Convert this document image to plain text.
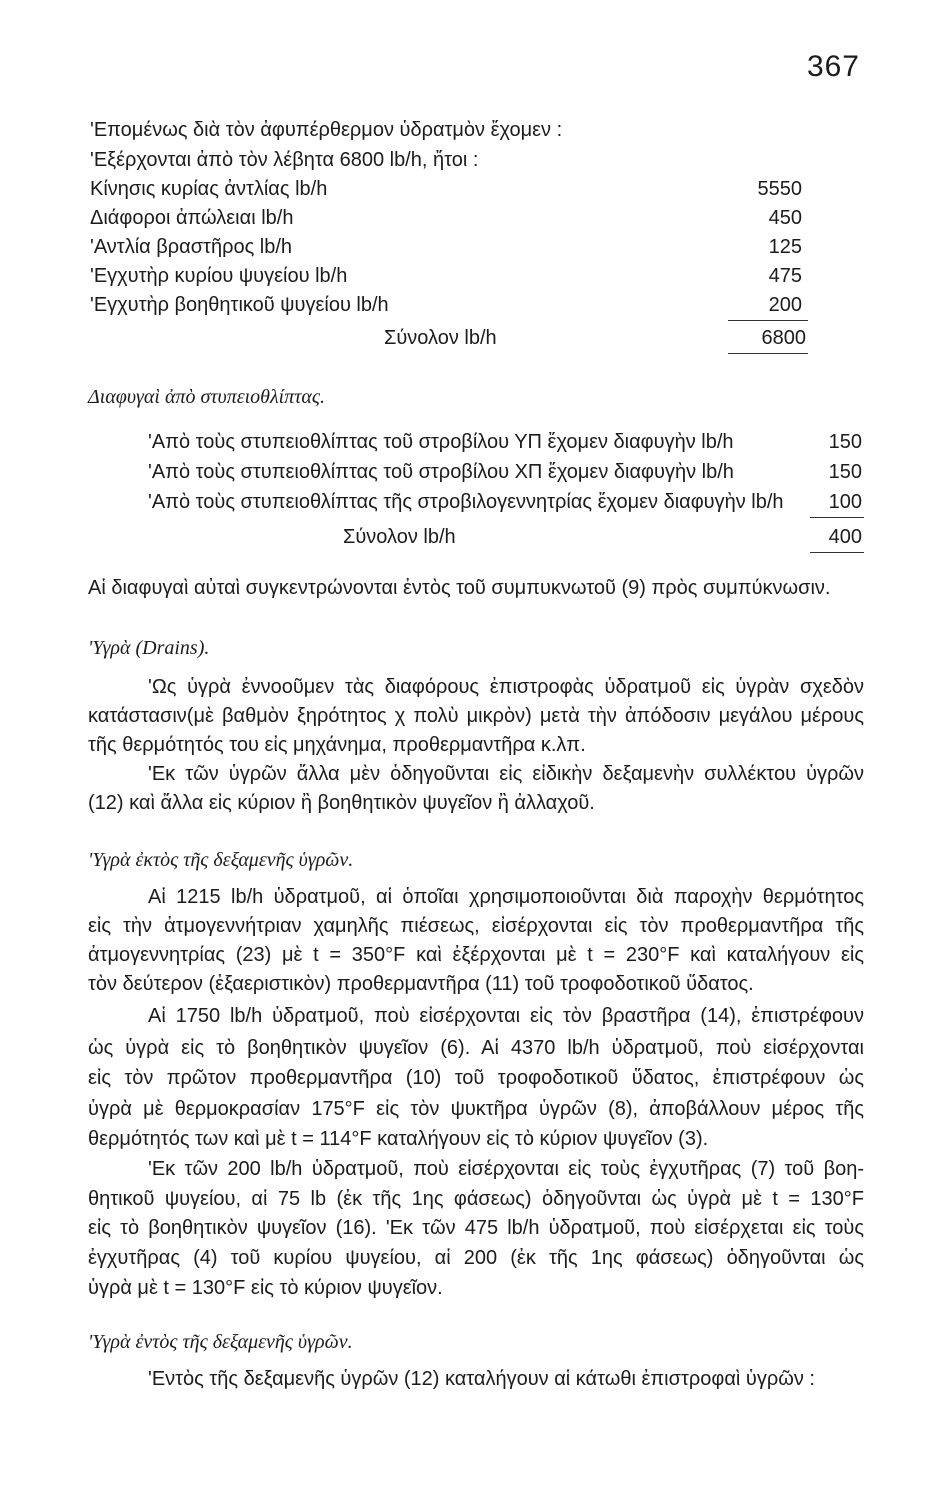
367
'Επομένως διὰ τὸν ἀφυπέρθερμον ὑδρατμὸν ἔχομεν :
'Εξέρχονται ἀπὸ τὸν λέβητα 6800 lb/h, ἤτοι :
Κίνησις κυρίας ἀντλίας lb/h	5550
Διάφοροι ἀπώλειαι lb/h	450
'Αντλία βραστῆρος lb/h	125
'Εγχυτὴρ κυρίου ψυγείου lb/h	475
'Εγχυτὴρ βοηθητικοῦ ψυγείου lb/h	200
Σύνολον lb/h	6800
Διαφυγαὶ ἀπὸ στυπειοθλίπτας.
'Απὸ τοὺς στυπειοθλίπτας τοῦ στροβίλου ΥΠ ἔχομεν διαφυγὴν lb/h	150
'Απὸ τοὺς στυπειοθλίπτας τοῦ στροβίλου ΧΠ ἔχομεν διαφυγὴν lb/h	150
'Απὸ τοὺς στυπειοθλίπτας τῆς στροβιλογεννητρίας ἔχομεν διαφυγὴν lb/h 100
Σύνολον lb/h	400
Αἱ διαφυγαὶ αὐταὶ συγκεντρώνονται ἐντὸς τοῦ συμπυκνωτοῦ (9) πρὸς συμπύκνωσιν.
'Υγρὰ (Drains).
'Ως ὑγρὰ ἐννοοῦμεν τὰς διαφόρους ἐπιστροφὰς ὑδρατμοῦ εἰς ὑγρὰν σχεδὸν
κατάστασιν(μὲ βαθμὸν ξηρότητος χ πολὺ μικρὸν) μετὰ τὴν ἀπόδοσιν μεγάλου μέρους
τῆς θερμότητός του εἰς μηχάνημα, προθερμαντῆρα κ.λπ.
'Εκ τῶν ὑγρῶν ἄλλα μὲν ὁδηγοῦνται εἰς εἰδικὴν δεξαμενὴν συλλέκτου ὑγρῶν
(12) καὶ ἄλλα εἰς κύριον ἢ βοηθητικὸν ψυγεῖον ἢ ἀλλαχοῦ.
'Υγρὰ ἐκτὸς τῆς δεξαμενῆς ὑγρῶν.
Αἱ 1215 lb/h ὑδρατμοῦ, αἱ ὁποῖαι χρησιμοποιοῦνται διὰ παροχὴν θερμότητος
εἰς τὴν ἀτμογεννήτριαν χαμηλῆς πιέσεως, εἰσέρχονται εἰς τὸν προθερμαντῆρα τῆς
ἀτμογεννητρίας (23) μὲ t = 350°F καὶ ἐξέρχονται μὲ t = 230°F καὶ καταλήγουν εἰς
τὸν δεύτερον (ἐξαεριστικὸν) προθερμαντῆρα (11) τοῦ τροφοδοτικοῦ ὕδατος.
Αἱ 1750 lb/h ὑδρατμοῦ, ποὺ εἰσέρχονται εἰς τὸν βραστῆρα (14), ἐπιστρέφουν
ὡς ὑγρὰ εἰς τὸ βοηθητικὸν ψυγεῖον (6). Αἱ 4370 lb/h ὑδρατμοῦ, ποὺ εἰσέρχονται
εἰς τὸν πρῶτον προθερμαντῆρα (10) τοῦ τροφοδοτικοῦ ὕδατος, ἐπιστρέφουν ὡς
ὑγρὰ μὲ θερμοκρασίαν 175°F εἰς τὸν ψυκτῆρα ὑγρῶν (8), ἀποβάλλουν μέρος τῆς
θερμότητός των καὶ μὲ t = 114°F καταλήγουν εἰς τὸ κύριον ψυγεῖον (3).
'Εκ τῶν 200 lb/h ὑδρατμοῦ, ποὺ εἰσέρχονται εἰς τοὺς ἐγχυτῆρας (7) τοῦ βοη-
θητικοῦ ψυγείου, αἱ 75 lb (ἐκ τῆς 1ης φάσεως) ὁδηγοῦνται ὡς ὑγρὰ μὲ t = 130°F
εἰς τὸ βοηθητικὸν ψυγεῖον (16). 'Εκ τῶν 475 lb/h ὑδρατμοῦ, ποὺ εἰσέρχεται εἰς τοὺς
ἐγχυτῆρας (4) τοῦ κυρίου ψυγείου, αἱ 200 (ἐκ τῆς 1ης φάσεως) ὁδηγοῦνται ὡς
ὑγρὰ μὲ t = 130°F εἰς τὸ κύριον ψυγεῖον.
'Υγρὰ ἐντὸς τῆς δεξαμενῆς ὑγρῶν.
'Εντὸς τῆς δεξαμενῆς ὑγρῶν (12) καταλήγουν αἱ κάτωθι ἐπιστροφαὶ ὑγρῶν :
